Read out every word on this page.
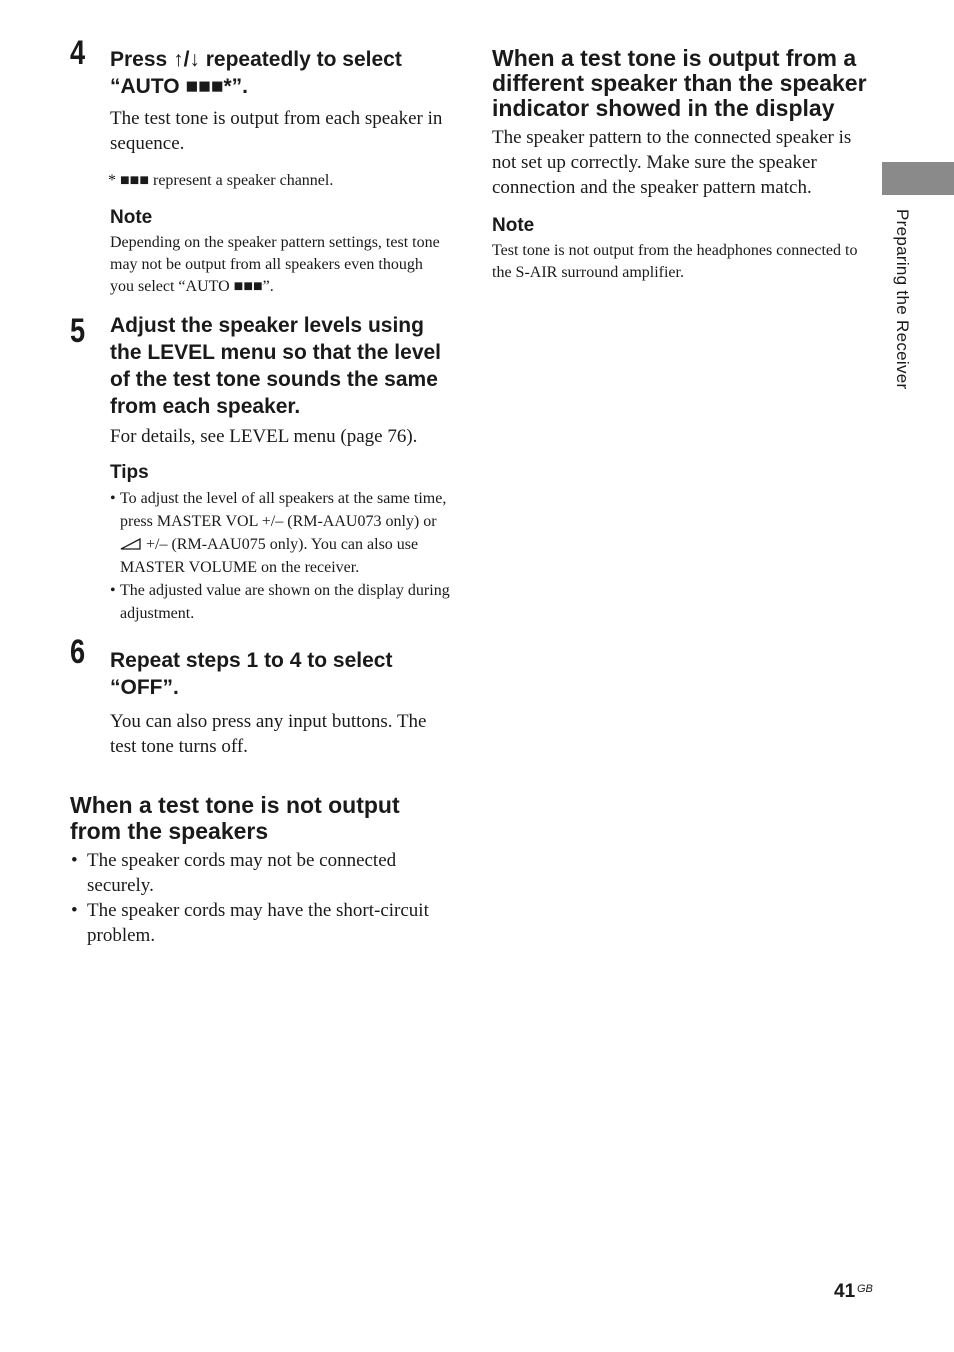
4 Press ↑/↓ repeatedly to select
“AUTO ■■■*”.

The test tone is output from each speaker in sequence.

* ■■■ represent a speaker channel.

Note

Depending on the speaker pattern settings, test tone may not be output from all speakers even though you select “AUTO ■■■”.

5 Adjust the speaker levels using the LEVEL menu so that the level of the test tone sounds the same from each speaker.

For details, see LEVEL menu (page 76).

Tips

• To adjust the level of all speakers at the same time, press MASTER VOL +/– (RM-AAU073 only) or  +/– (RM-AAU075 only). You can also use MASTER VOLUME on the receiver.
• The adjusted value are shown on the display during adjustment.
6 Repeat steps 1 to 4 to select “OFF”.

You can also press any input buttons. The test tone turns off.

When a test tone is not output from the speakers
• The speaker cords may not be connected securely.
• The speaker cords may have the short-circuit problem.
When a test tone is output from a different speaker than the speaker indicator showed in the display

The speaker pattern to the connected speaker is not set up correctly. Make sure the speaker connection and the speaker pattern match.

Note

Test tone is not output from the headphones connected to the S-AIR surround amplifier.	Preparing the Receiver
41 GB
